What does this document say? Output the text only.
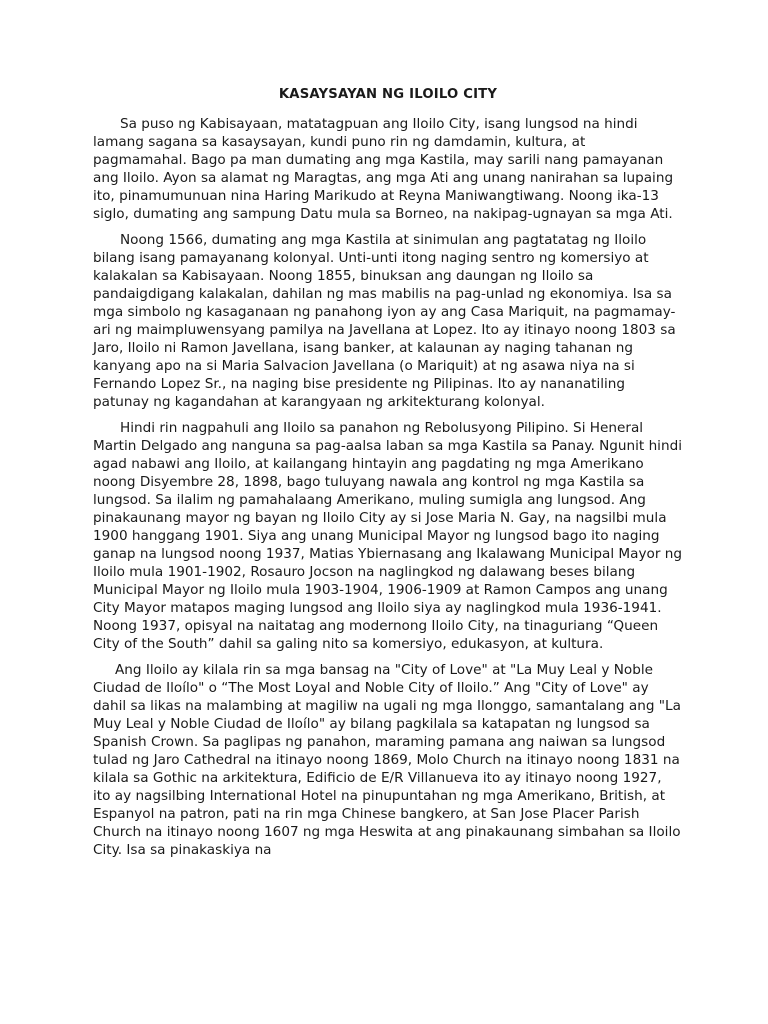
KASAYSAYAN NG ILOILO CITY

Sa puso ng Kabisayaan, matatagpuan ang Iloilo City, isang lungsod na hindi lamang sagana sa kasaysayan, kundi puno rin ng damdamin, kultura, at pagmamahal. Bago pa man dumating ang mga Kastila, may sarili nang pamayanan ang Iloilo. Ayon sa alamat ng Maragtas, ang mga Ati ang unang nanirahan sa lupaing ito, pinamumunuan nina Haring Marikudo at Reyna Maniwangtiwang. Noong ika-13 siglo, dumating ang sampung Datu mula sa Borneo, na nakipag-ugnayan sa mga Ati.

Noong 1566, dumating ang mga Kastila at sinimulan ang pagtatatag ng Iloilo bilang isang pamayanang kolonyal. Unti-unti itong naging sentro ng komersiyo at kalakalan sa Kabisayaan. Noong 1855, binuksan ang daungan ng Iloilo sa pandaigdigang kalakalan, dahilan ng mas mabilis na pag-unlad ng ekonomiya. Isa sa mga simbolo ng kasaganaan ng panahong iyon ay ang Casa Mariquit, na pagmamay-ari ng maimpluwensyang pamilya na Javellana at Lopez. Ito ay itinayo noong 1803 sa Jaro, Iloilo ni Ramon Javellana, isang banker, at kalaunan ay naging tahanan ng kanyang apo na si Maria Salvacion Javellana (o Mariquit) at ng asawa niya na si Fernando Lopez Sr., na naging bise presidente ng Pilipinas. Ito ay nananatiling patunay ng kagandahan at karangyaan ng arkitekturang kolonyal.

Hindi rin nagpahuli ang Iloilo sa panahon ng Rebolusyong Pilipino. Si Heneral Martin Delgado ang nanguna sa pag-aalsa laban sa mga Kastila sa Panay. Ngunit hindi agad nabawi ang Iloilo, at kailangang hintayin ang pagdating ng mga Amerikano noong Disyembre 28, 1898, bago tuluyang nawala ang kontrol ng mga Kastila sa lungsod. Sa ilalim ng pamahalaang Amerikano, muling sumigla ang lungsod. Ang pinakaunang mayor ng bayan ng Iloilo City ay si Jose Maria N. Gay, na nagsilbi mula 1900 hanggang 1901. Siya ang unang Municipal Mayor ng lungsod bago ito naging ganap na lungsod noong 1937, Matias Ybiernasang ang Ikalawang Municipal Mayor ng Iloilo mula 1901-1902, Rosauro Jocson na naglingkod ng dalawang beses bilang Municipal Mayor ng Iloilo mula 1903-1904, 1906-1909 at Ramon Campos ang unang City Mayor matapos maging lungsod ang Iloilo siya ay naglingkod mula 1936-1941. Noong 1937, opisyal na naitatag ang modernong Iloilo City, na tinaguriang “Queen City of the South” dahil sa galing nito sa komersiyo, edukasyon, at kultura.

Ang Iloilo ay kilala rin sa mga bansag na "City of Love" at "La Muy Leal y Noble Ciudad de Iloílo" o “The Most Loyal and Noble City of Iloilo.” Ang "City of Love" ay dahil sa likas na malambing at magiliw na ugali ng mga Ilonggo, samantalang ang "La Muy Leal y Noble Ciudad de Iloílo" ay bilang pagkilala sa katapatan ng lungsod sa Spanish Crown. Sa paglipas ng panahon, maraming pamana ang naiwan sa lungsod tulad ng Jaro Cathedral na itinayo noong 1869, Molo Church na itinayo noong 1831 na kilala sa Gothic na arkitektura, Edificio de E/R Villanueva ito ay itinayo noong 1927, ito ay nagsilbing International Hotel na pinupuntahan ng mga Amerikano, British, at Espanyol na patron, pati na rin mga Chinese bangkero, at San Jose Placer Parish Church na itinayo noong 1607 ng mga Heswita at ang pinakaunang simbahan sa Iloilo City. Isa sa pinakaskiya na
